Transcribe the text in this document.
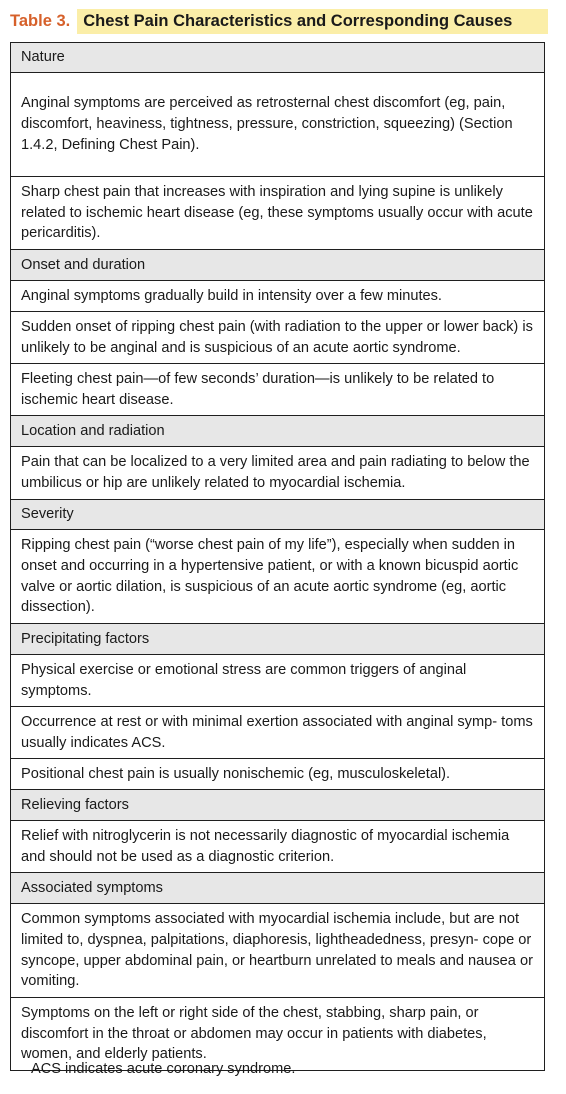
Table 3. Chest Pain Characteristics and Corresponding Causes
Nature
Anginal symptoms are perceived as retrosternal chest discomfort (eg, pain, discomfort, heaviness, tightness, pressure, constriction, squeezing) (Section 1.4.2, Defining Chest Pain).
Sharp chest pain that increases with inspiration and lying supine is unlikely related to ischemic heart disease (eg, these symptoms usually occur with acute pericarditis).
Onset and duration
Anginal symptoms gradually build in intensity over a few minutes.
Sudden onset of ripping chest pain (with radiation to the upper or lower back) is unlikely to be anginal and is suspicious of an acute aortic syndrome.
Fleeting chest pain—of few seconds’ duration—is unlikely to be related to ischemic heart disease.
Location and radiation
Pain that can be localized to a very limited area and pain radiating to below the umbilicus or hip are unlikely related to myocardial ischemia.
Severity
Ripping chest pain (“worse chest pain of my life”), especially when sudden in onset and occurring in a hypertensive patient, or with a known bicuspid aortic valve or aortic dilation, is suspicious of an acute aortic syndrome (eg, aortic dissection).
Precipitating factors
Physical exercise or emotional stress are common triggers of anginal symptoms.
Occurrence at rest or with minimal exertion associated with anginal symp- toms usually indicates ACS.
Positional chest pain is usually nonischemic (eg, musculoskeletal).
Relieving factors
Relief with nitroglycerin is not necessarily diagnostic of myocardial ischemia and should not be used as a diagnostic criterion.
Associated symptoms
Common symptoms associated with myocardial ischemia include, but are not limited to, dyspnea, palpitations, diaphoresis, lightheadedness, presyn- cope or syncope, upper abdominal pain, or heartburn unrelated to meals and nausea or vomiting.
Symptoms on the left or right side of the chest, stabbing, sharp pain, or discomfort in the throat or abdomen may occur in patients with diabetes, women, and elderly patients.
ACS indicates acute coronary syndrome.
